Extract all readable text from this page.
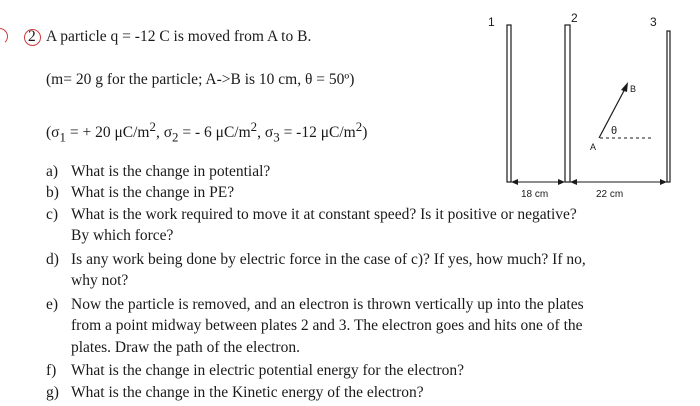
2 A particle q = -12 C is moved from A to B.
(m= 20 g for the particle; A->B is 10 cm, θ = 50º)
($\sigma_1$ = + 20 $\mu C/m^2$, $\sigma_2$ = - 6 $\mu C/m^2$, $\sigma_3 = -12$ $\mu C/m^2$)
a) What is the change in potential?
b) What is the change in PE?
c) What is the work required to move it at constant speed? Is it positive or negative?
By which force?
d) Is any work being done by electric force in the case of c)? If yes, how much? If no,
why not?
e) Now the particle is removed, and an electron is thrown vertically up into the plates
from a point midway between plates 2 and 3. The electron goes and hits one of the
plates. Draw the path of the electron.
f) What is the change in electric potential energy for the electron?
g) What is the change in the Kinetic energy of the electron?
1	2	3
18 cm	22 cm
A
B
θ
